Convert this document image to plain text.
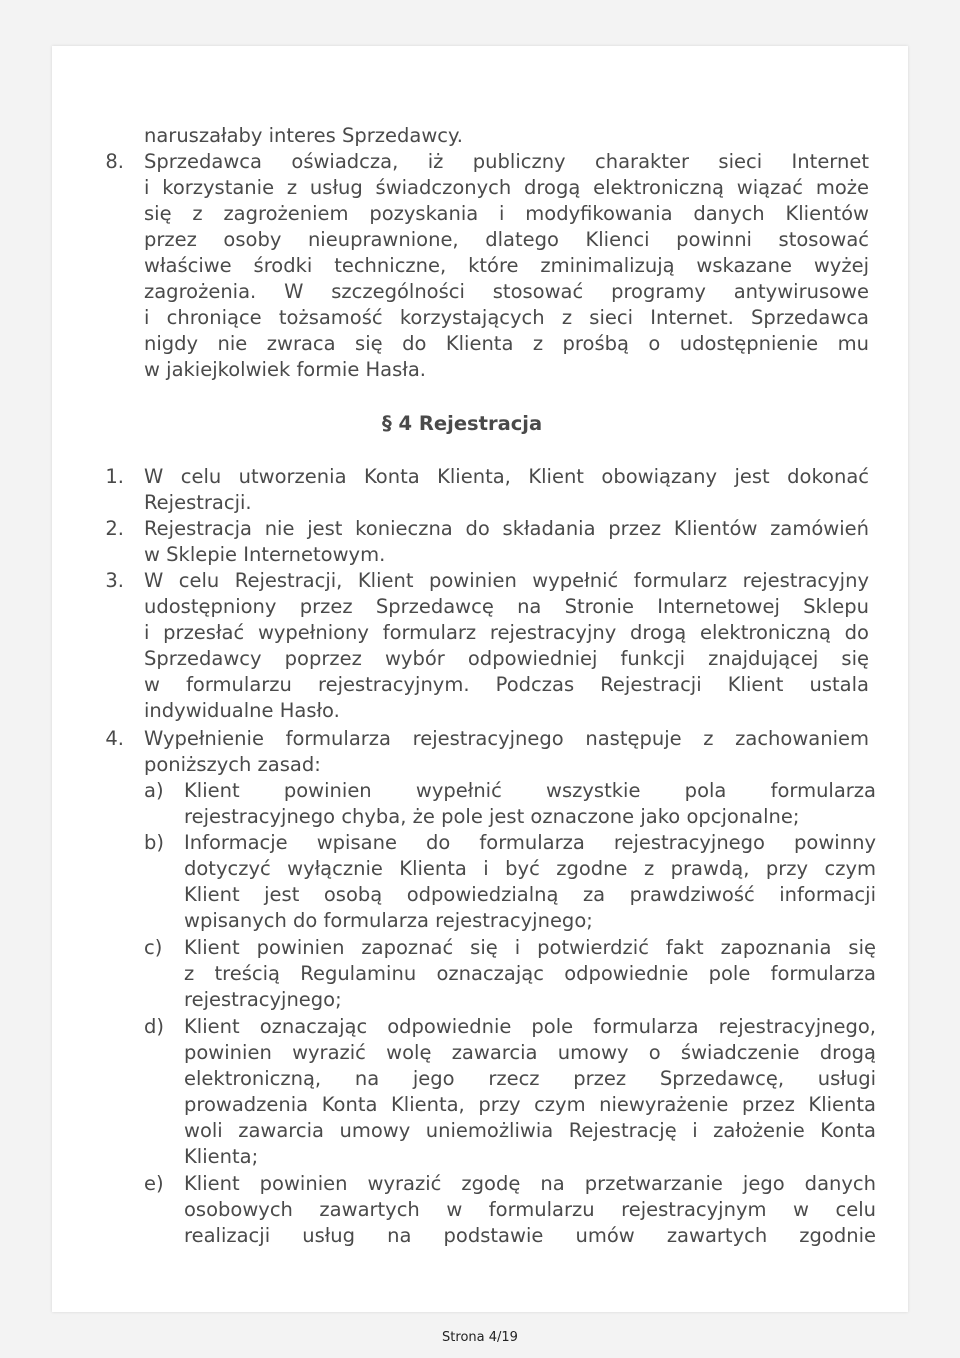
naruszałaby interes Sprzedawcy.
8. Sprzedawca oświadcza, iż publiczny charakter sieci Internet
i korzystanie z usług świadczonych drogą elektroniczną wiązać może
się z zagrożeniem pozyskania i modyfikowania danych Klientów
przez osoby nieuprawnione, dlatego Klienci powinni stosować
właściwe środki techniczne, które zminimalizują wskazane wyżej
zagrożenia. W szczególności stosować programy antywirusowe
i chroniące tożsamość korzystających z sieci Internet. Sprzedawca
nigdy nie zwraca się do Klienta z prośbą o udostępnienie mu
w jakiejkolwiek formie Hasła.
§ 4 Rejestracja
1. W celu utworzenia Konta Klienta, Klient obowiązany jest dokonać
Rejestracji.
2. Rejestracja nie jest konieczna do składania przez Klientów zamówień
w Sklepie Internetowym.
3. W celu Rejestracji, Klient powinien wypełnić formularz rejestracyjny
udostępniony przez Sprzedawcę na Stronie Internetowej Sklepu
i przesłać wypełniony formularz rejestracyjny drogą elektroniczną do
Sprzedawcy poprzez wybór odpowiedniej funkcji znajdującej się
w formularzu rejestracyjnym. Podczas Rejestracji Klient ustala
indywidualne Hasło.
4. Wypełnienie formularza rejestracyjnego następuje z zachowaniem
poniższych zasad:
a) Klient powinien wypełnić wszystkie pola formularza
rejestracyjnego chyba, że pole jest oznaczone jako opcjonalne;
b) Informacje wpisane do formularza rejestracyjnego powinny
dotyczyć wyłącznie Klienta i być zgodne z prawdą, przy czym
Klient jest osobą odpowiedzialną za prawdziwość informacji
wpisanych do formularza rejestracyjnego;
c) Klient powinien zapoznać się i potwierdzić fakt zapoznania się
z treścią Regulaminu oznaczając odpowiednie pole formularza
rejestracyjnego;
d) Klient oznaczając odpowiednie pole formularza rejestracyjnego,
powinien wyrazić wolę zawarcia umowy o świadczenie drogą
elektroniczną, na jego rzecz przez Sprzedawcę, usługi
prowadzenia Konta Klienta, przy czym niewyrażenie przez Klienta
woli zawarcia umowy uniemożliwia Rejestrację i założenie Konta
Klienta;
e) Klient powinien wyrazić zgodę na przetwarzanie jego danych
osobowych zawartych w formularzu rejestracyjnym w celu
realizacji usług na podstawie umów zawartych zgodnie
Strona 4/19
